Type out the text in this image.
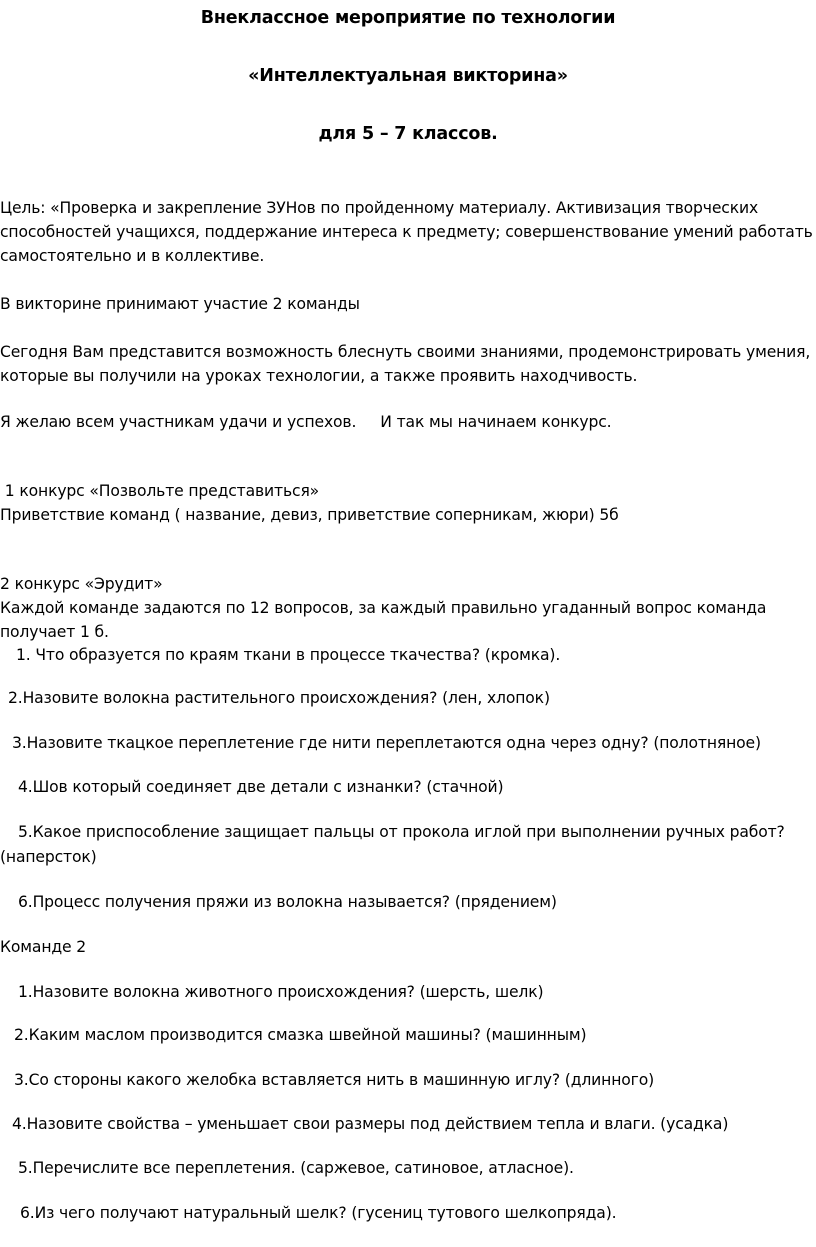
Внеклассное мероприятие по технологии
«Интеллектуальная викторина»
для 5 – 7 классов.
Цель: «Проверка и закрепление ЗУНов по пройденному материалу. Активизация творческих
способностей учащихся, поддержание интереса к предмету; совершенствование умений работать
самостоятельно и в коллективе.
В викторине принимают участие 2 команды
Сегодня Вам представится возможность блеснуть своими знаниями, продемонстрировать умения,
которые вы получили на уроках технологии, а также проявить находчивость.
Я желаю всем участникам удачи и успехов.     И так мы начинаем конкурс.
1 конкурс «Позвольте представиться»
Приветствие команд ( название, девиз, приветствие соперникам, жюри) 5б
2 конкурс «Эрудит»
Каждой команде задаются по 12 вопросов, за каждый правильно угаданный вопрос команда
получает 1 б.
1. Что образуется по краям ткани в процессе ткачества? (кромка).
2.Назовите волокна растительного происхождения? (лен, хлопок)
3.Назовите ткацкое переплетение где нити переплетаются одна через одну? (полотняное)
4.Шов который соединяет две детали с изнанки? (стачной)
5.Какое приспособление защищает пальцы от прокола иглой при выполнении ручных работ?
(наперсток)
6.Процесс получения пряжи из волокна называется? (прядением)
Команде 2
1.Назовите волокна животного происхождения? (шерсть, шелк)
2.Каким маслом производится смазка швейной машины? (машинным)
3.Со стороны какого желобка вставляется нить в машинную иглу? (длинного)
4.Назовите свойства – уменьшает свои размеры под действием тепла и влаги. (усадка)
5.Перечислите все переплетения. (саржевое, сатиновое, атласное).
6.Из чего получают натуральный шелк? (гусениц тутового шелкопряда).
